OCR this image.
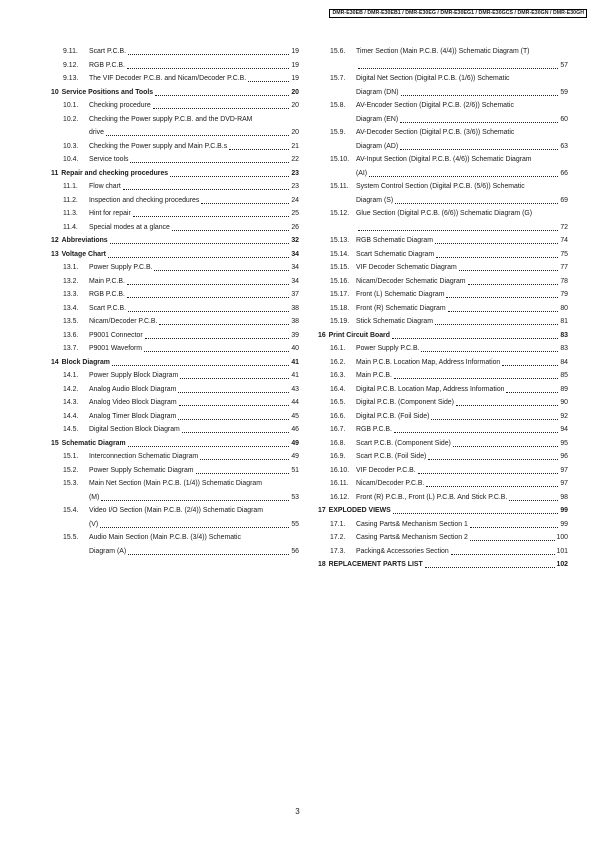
DMR-E30EB / DMR-E30EB1 / DMR-E30EG / DMR-E30EG1 / DMR-E30GCS / DMR-E30GN / DMR-E30GH
9.11.	Scart P.C.B.	19
9.12.	RGB P.C.B.	19
9.13.	The VIF Decoder P.C.B. and Nicam/Decoder P.C.B.	19
10 Service Positions and Tools	20
10.1.	Checking procedure	20
10.2.	Checking the Power supply P.C.B. and the DVD-RAM
drive	20
10.3.	Checking the Power supply and Main P.C.B.s	21
10.4.	Service tools	22
11 Repair and checking procedures	23
11.1.	Flow chart	23
11.2.	Inspection and checking procedures	24
11.3.	Hint for repair	25
11.4.	Special modes at a glance	26
12 Abbreviations	32
13 Voltage Chart	34
13.1.	Power Supply P.C.B.	34
13.2.	Main P.C.B.	34
13.3.	RGB P.C.B.	37
13.4.	Scart P.C.B.	38
13.5.	Nicam/Decoder P.C.B.	38
13.6.	P9001 Connector	39
13.7.	P9001 Waveform	40
14 Block Diagram	41
14.1.	Power Supply Block Diagram	41
14.2.	Analog Audio Block Diagram	43
14.3.	Analog Video Block Diagram	44
14.4.	Analog Timer Block Diagram	45
14.5.	Digital Section Block Diagram	46
15 Schematic Diagram	49
15.1.	Interconnection Schematic Diagram	49
15.2.	Power Supply Schematic Diagram	51
15.3.	Main Net Section (Main P.C.B. (1/4)) Schematic Diagram
(M)	53
15.4.	Video I/O Section (Main P.C.B. (2/4)) Schematic Diagram
(V)	55
15.5.	Audio Main Section (Main P.C.B. (3/4)) Schematic
Diagram (A)	56
15.6.	Timer Section (Main P.C.B. (4/4)) Schematic Diagram (T)
57
15.7.	Digital Net Section (Digital P.C.B. (1/6)) Schematic
Diagram (DN)	59
15.8.	AV-Encoder Section (Digital P.C.B. (2/6)) Schematic
Diagram (EN)	60
15.9.	AV-Decoder Section (Digital P.C.B. (3/6)) Schematic
Diagram (AD)	63
15.10. AV-Input Section (Digital P.C.B. (4/6)) Schematic Diagram
(AI)	66
15.11.	System Control Section (Digital P.C.B. (5/6)) Schematic
Diagram (S)	69
15.12. Glue Section (Digital P.C.B. (6/6)) Schematic Diagram (G)
72
15.13. RGB Schematic Diagram	74
15.14. Scart Schematic Diagram	75
15.15. VIF Decoder Schematic Diagram	77
15.16. Nicam/Decoder Schematic Diagram	78
15.17. Front (L) Schematic Diagram	79
15.18. Front (R) Schematic Diagram	80
15.19. Stick Schematic Diagram	81
16 Print Circuit Board	83
16.1.	Power Supply P.C.B.	83
16.2.	Main P.C.B. Location Map, Address Information	84
16.3.	Main P.C.B.	85
16.4.	Digital P.C.B. Location Map, Address Information	89
16.5.	Digital P.C.B. (Component Side)	90
16.6.	Digital P.C.B. (Foil Side)	92
16.7.	RGB P.C.B.	94
16.8.	Scart P.C.B. (Component Side)	95
16.9.	Scart P.C.B. (Foil Side)	96
16.10. VIF Decoder P.C.B.	97
16.11.	Nicam/Decoder P.C.B.	97
16.12. Front (R) P.C.B., Front (L) P.C.B. And Stick P.C.B.	98
17 EXPLODED VIEWS	99
17.1.	Casing Parts& Mechanism Section 1	99
17.2.	Casing Parts& Mechanism Section 2	100
17.3.	Packing& Accessories Section	101
18 REPLACEMENT PARTS LIST	102
3
